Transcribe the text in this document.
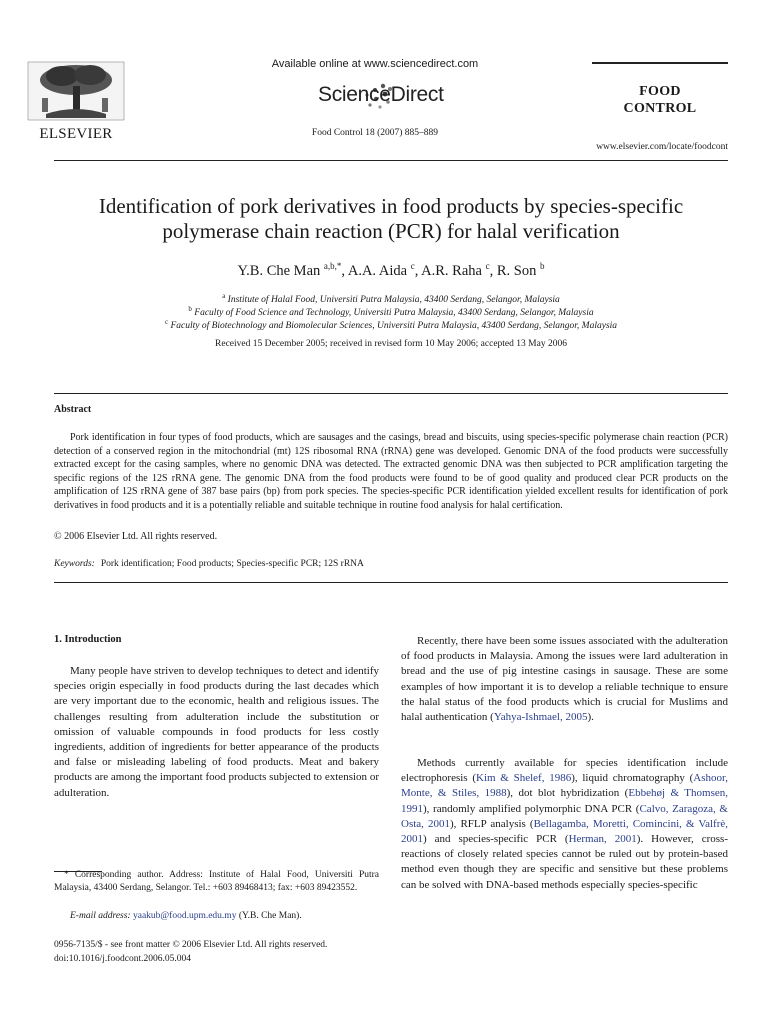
ELSEVIER
Available online at www.sciencedirect.com
ScienceDirect
Food Control 18 (2007) 885–889
FOOD
CONTROL
www.elsevier.com/locate/foodcont
Identification of pork derivatives in food products by species-specific
polymerase chain reaction (PCR) for halal verification
Y.B. Che Man $^{a,b,*}$, A.A. Aida $^c$, A.R. Raha $^c$, R. Son $^b$
$^a$ Institute of Halal Food, Universiti Putra Malaysia, 43400 Serdang, Selangor, Malaysia
$^b$ Faculty of Food Science and Technology, Universiti Putra Malaysia, 43400 Serdang, Selangor, Malaysia
$^c$ Faculty of Biotechnology and Biomolecular Sciences, Universiti Putra Malaysia, 43400 Serdang, Selangor, Malaysia
Received 15 December 2005; received in revised form 10 May 2006; accepted 13 May 2006
Abstract

Pork identification in four types of food products, which are sausages and the casings, bread and biscuits, using species-specific polymerase chain reaction (PCR) detection of a conserved region in the mitochondrial (mt) 12S ribosomal RNA (rRNA) gene was developed. Genomic DNA of the food products were successfully extracted except for the casing samples, where no genomic DNA was detected. The extracted genomic DNA was then subjected to PCR amplification targeting the specific regions of the 12S rRNA gene. The genomic DNA from the food products were found to be of good quality and produced clear PCR products on the amplification of 12S rRNA gene of 387 base pairs (bp) from pork species. The species-specific PCR identification yielded excellent results for identification of pork derivatives in food products and it is a potentially reliable and suitable technique in routine food analysis for halal certification.

© 2006 Elsevier Ltd. All rights reserved.
Keywords: Pork identification; Food products; Species-specific PCR; 12S rRNA
1. Introduction

Many people have striven to develop techniques to detect and identify species origin especially in food products during the last decades which are very important due to the economic, health and religious issues. The challenges resulting from adulteration include the substitution or omission of valuable compounds in food products for less costly ingredients, addition of ingredients for better appearance of the products and false or misleading labeling of food products. Meat and bakery products are among the important food products subjected to extension or adulteration.

Recently, there have been some issues associated with the adulteration of food products in Malaysia. Among the issues were lard adulteration in bread and the use of pig intestine casings in sausage. These are some examples of how important it is to develop a reliable technique to ensure the halal status of the food products which is crucial for Muslims and halal authentication (Yahya-Ishmael, 2005).

Methods currently available for species identification include electrophoresis (Kim & Shelef, 1986), liquid chromatography (Ashoor, Monte, & Stiles, 1988), dot blot hybridization (Ebbehøj & Thomsen, 1991), randomly amplified polymorphic DNA PCR (Calvo, Zaragoza, & Osta, 2001), RFLP analysis (Bellagamba, Moretti, Comincini, & Valfrè, 2001) and species-specific PCR (Herman, 2001). However, cross-reactions of closely related species cannot be ruled out by protein-based method even though they are specific and sensitive but these problems can be solved with DNA-based methods especially species-specific

* Corresponding author. Address: Institute of Halal Food, Universiti Putra Malaysia, 43400 Serdang, Selangor. Tel.: +603 89468413; fax: +603 89423552.

E-mail address: yaakub@food.upm.edu.my (Y.B. Che Man).
0956-7135/$ - see front matter © 2006 Elsevier Ltd. All rights reserved.
doi:10.1016/j.foodcont.2006.05.004
